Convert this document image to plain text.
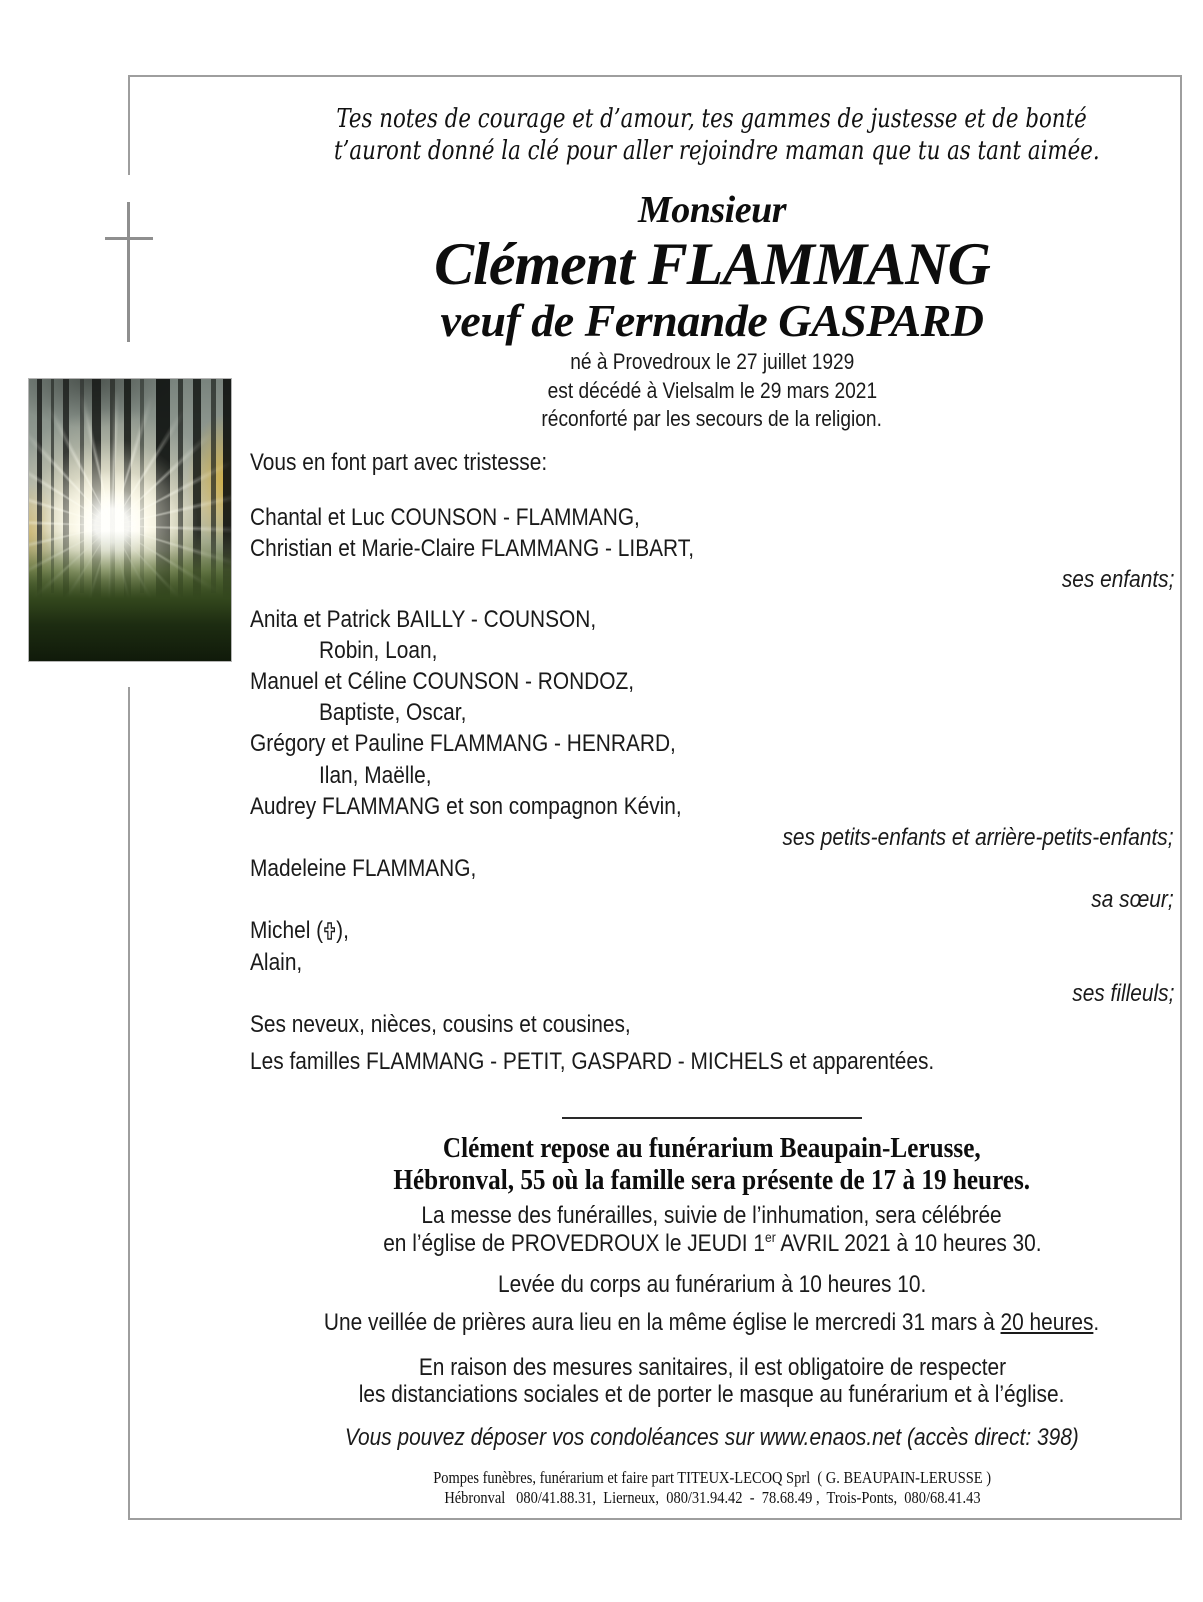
Tes notes de courage et d’amour, tes gammes de justesse et de bonté
t’auront donné la clé pour aller rejoindre maman que tu as tant aimée.
Monsieur
Clément FLAMMANG
veuf de Fernande GASPARD
né à Provedroux le 27 juillet 1929
est décédé à Vielsalm le 29 mars 2021
réconforté par les secours de la religion.
Vous en font part avec tristesse:
Chantal et Luc COUNSON - FLAMMANG,
Christian et Marie-Claire FLAMMANG - LIBART,
ses enfants;
Anita et Patrick BAILLY - COUNSON,
Robin, Loan,
Manuel et Céline COUNSON - RONDOZ,
Baptiste, Oscar,
Grégory et Pauline FLAMMANG - HENRARD,
Ilan, Maëlle,
Audrey FLAMMANG et son compagnon Kévin,
ses petits-enfants et arrière-petits-enfants;
Madeleine FLAMMANG,
sa sœur;
Michel ( ),
Alain,
ses filleuls;
Ses neveux, nièces, cousins et cousines,
Les familles FLAMMANG - PETIT, GASPARD - MICHELS et apparentées.
Clément repose au funérarium Beaupain-Lerusse,
Hébronval, 55 où la famille sera présente de 17 à 19 heures.
La messe des funérailles, suivie de l’inhumation, sera célébrée
en l’église de PROVEDROUX le JEUDI 1er AVRIL 2021 à 10 heures 30.
Levée du corps au funérarium à 10 heures 10.
Une veillée de prières aura lieu en la même église le mercredi 31 mars à 20 heures.
En raison des mesures sanitaires, il est obligatoire de respecter
les distanciations sociales et de porter le masque au funérarium et à l’église.
Vous pouvez déposer vos condoléances sur www.enaos.net (accès direct: 398)
Pompes funèbres, funérarium et faire part TITEUX-LECOQ Sprl  ( G. BEAUPAIN-LERUSSE )
Hébronval   080/41.88.31,  Lierneux,  080/31.94.42  -  78.68.49 ,  Trois-Ponts,  080/68.41.43
